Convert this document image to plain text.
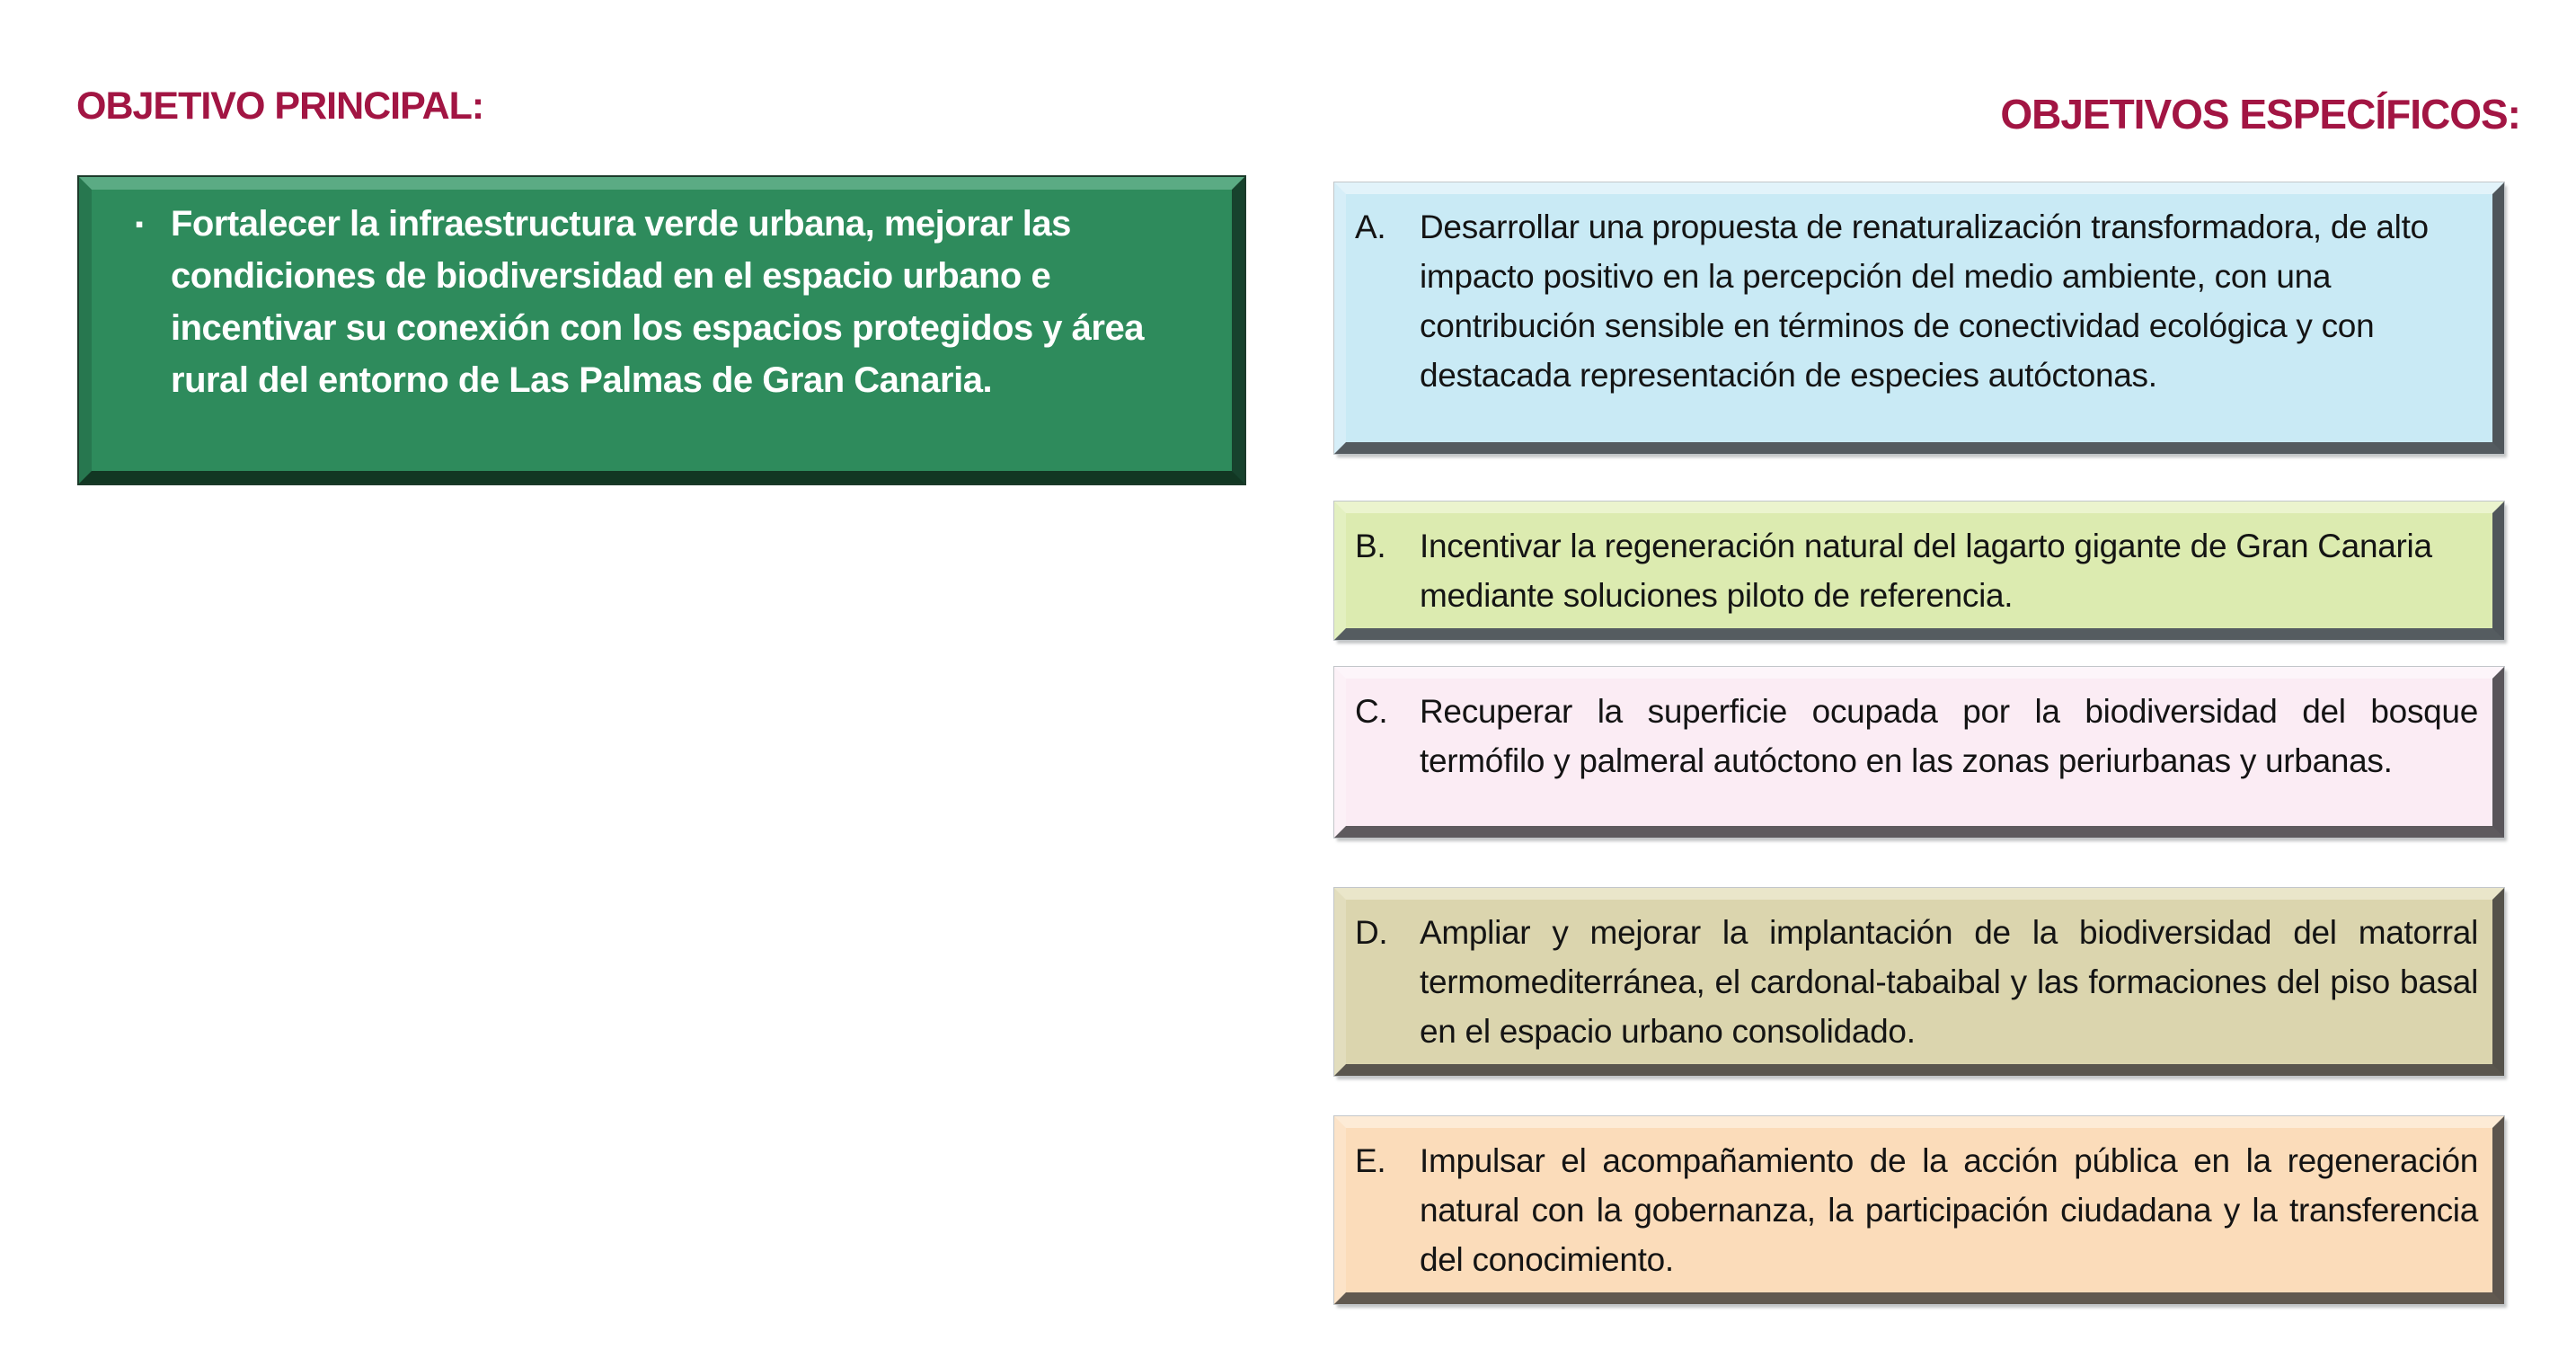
OBJETIVO PRINCIPAL:
▪ Fortalecer la infraestructura verde urbana, mejorar las condiciones de biodiversidad en el espacio urbano e incentivar su conexión con los espacios protegidos y área rural del entorno de Las Palmas de Gran Canaria.
OBJETIVOS ESPECÍFICOS:
A.	Desarrollar una propuesta de renaturalización transformadora, de alto impacto positivo en la percepción del medio ambiente, con una contribución sensible en términos de conectividad ecológica y con destacada representación de especies autóctonas.
B.	Incentivar la regeneración natural del lagarto gigante de Gran Canaria mediante soluciones piloto de referencia.
C. Recuperar la superficie ocupada por la biodiversidad del bosque termófilo y palmeral autóctono en las zonas periurbanas y urbanas.
D. Ampliar y mejorar la implantación de la biodiversidad del matorral termomediterránea, el cardonal-tabaibal y las formaciones del piso basal en el espacio urbano consolidado.
E.	Impulsar el acompañamiento de la acción pública en la regeneración natural con la gobernanza, la participación ciudadana y la transferencia del conocimiento.
